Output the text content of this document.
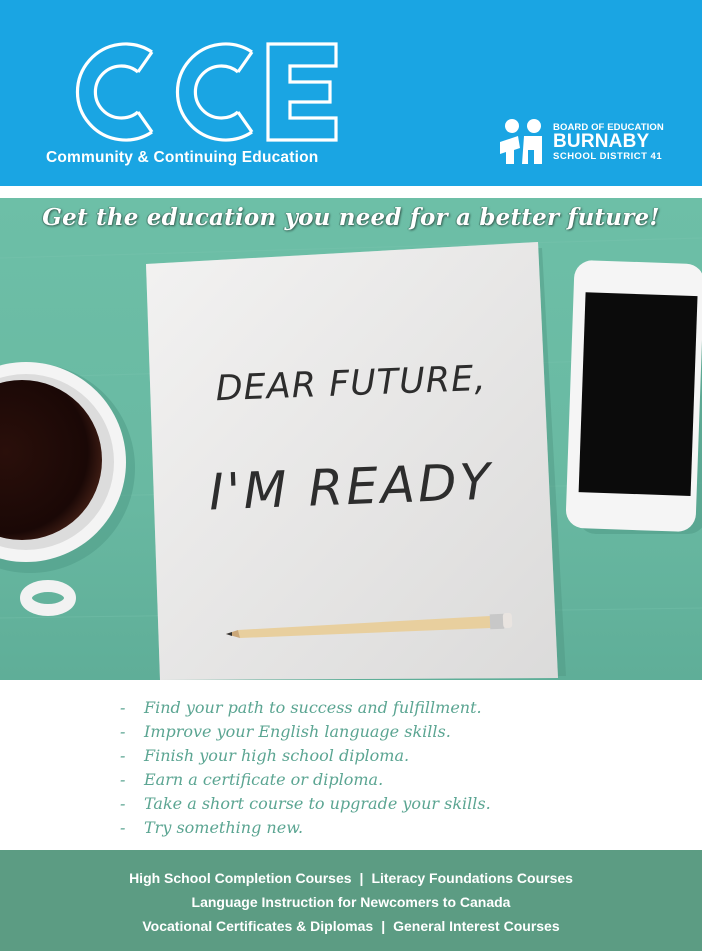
Community & Continuing Education
BOARD OF EDUCATION
BURNABY
SCHOOL DISTRICT 41
Get the education you need for a better future!
DEAR FUTURE,
I'M READY
- Find your path to success and fulfillment.
- Improve your English language skills.
- Finish your high school diploma.
- Earn a certificate or diploma.
- Take a short course to upgrade your skills.
- Try something new.
High School Completion Courses | Literacy Foundations Courses
Language Instruction for Newcomers to Canada
Vocational Certificates & Diplomas | General Interest Courses
